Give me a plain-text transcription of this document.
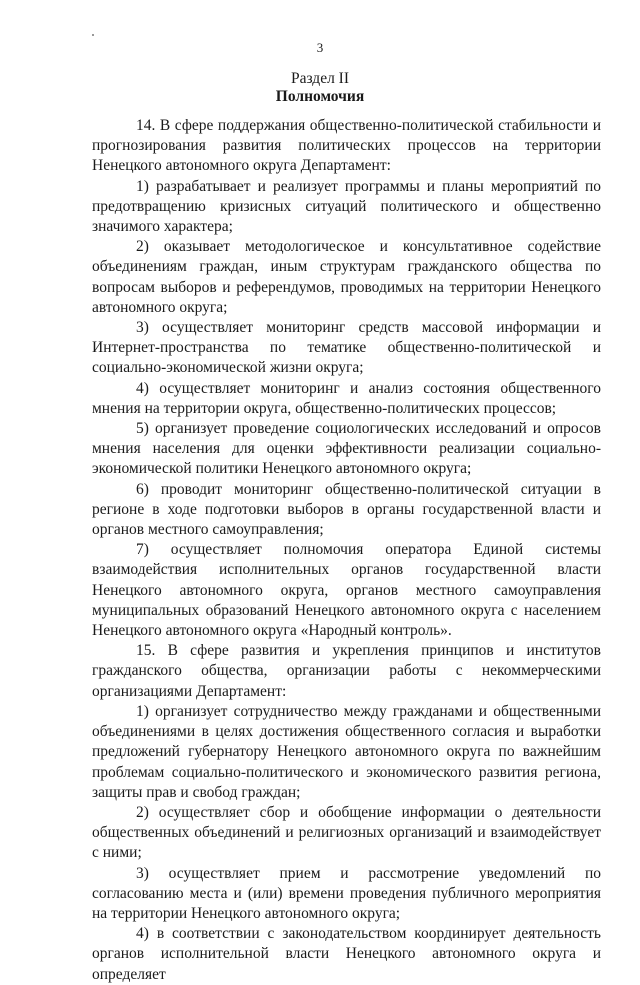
3
Раздел II
Полномочия

14. В сфере поддержания общественно-политической стабильности и прогнозирования развития политических процессов на территории Ненецкого автономного округа Департамент:

1) разрабатывает и реализует программы и планы мероприятий по предотвращению кризисных ситуаций политического и общественно значимого характера;

2) оказывает методологическое и консультативное содействие объединениям граждан, иным структурам гражданского общества по вопросам выборов и референдумов, проводимых на территории Ненецкого автономного округа;

3) осуществляет мониторинг средств массовой информации и Интернет-пространства по тематике общественно-политической и социально-экономической жизни округа;

4) осуществляет мониторинг и анализ состояния общественного мнения на территории округа, общественно-политических процессов;

5) организует проведение социологических исследований и опросов мнения населения для оценки эффективности реализации социально-экономической политики Ненецкого автономного округа;

6) проводит мониторинг общественно-политической ситуации в регионе в ходе подготовки выборов в органы государственной власти и органов местного самоуправления;

7) осуществляет полномочия оператора Единой системы взаимодействия исполнительных органов государственной власти Ненецкого автономного округа, органов местного самоуправления муниципальных образований Ненецкого автономного округа с населением Ненецкого автономного округа «Народный контроль».

15. В сфере развития и укрепления принципов и институтов гражданского общества, организации работы с некоммерческими организациями Департамент:

1) организует сотрудничество между гражданами и общественными объединениями в целях достижения общественного согласия и выработки предложений губернатору Ненецкого автономного округа по важнейшим проблемам социально-политического и экономического развития региона, защиты прав и свобод граждан;

2) осуществляет сбор и обобщение информации о деятельности общественных объединений и религиозных организаций и взаимодействует с ними;

3) осуществляет прием и рассмотрение уведомлений по согласованию места и (или) времени проведения публичного мероприятия на территории Ненецкого автономного округа;

4) в соответствии с законодательством координирует деятельность органов исполнительной власти Ненецкого автономного округа и определяет
